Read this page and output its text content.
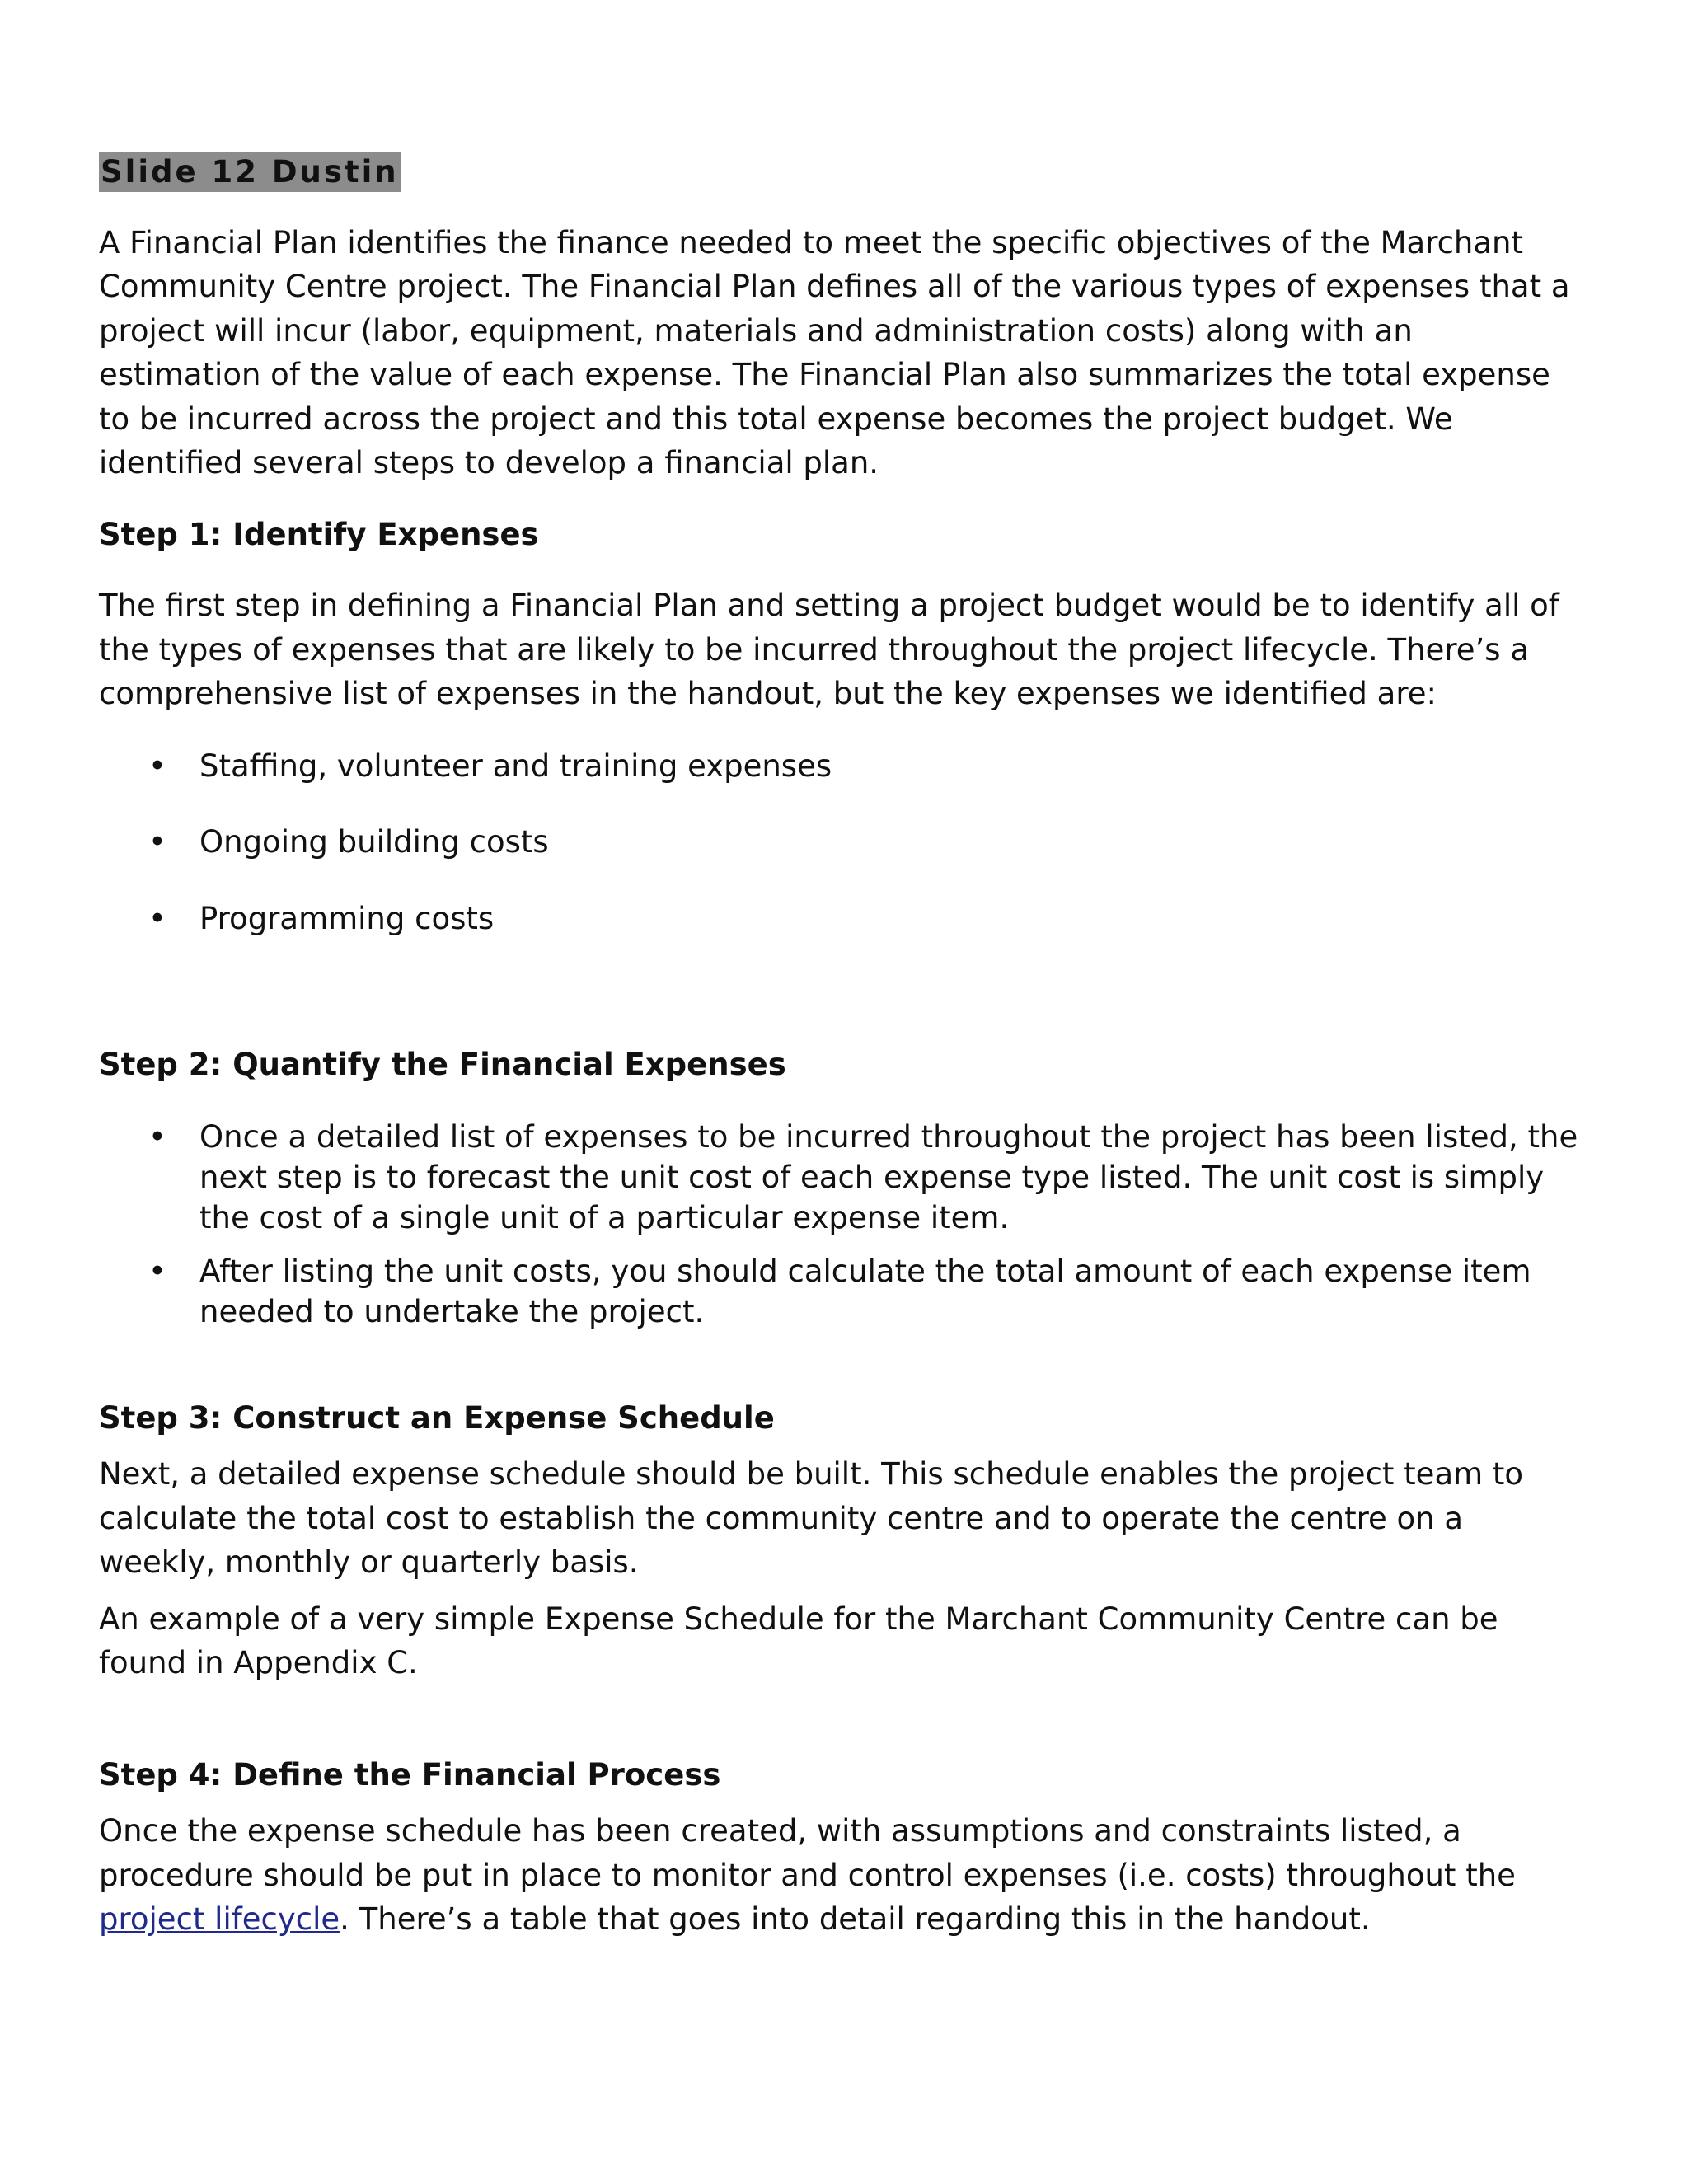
Slide 12 Dustin

A Financial Plan identifies the finance needed to meet the specific objectives of the Marchant Community Centre project. The Financial Plan defines all of the various types of expenses that a project will incur (labor, equipment, materials and administration costs) along with an estimation of the value of each expense. The Financial Plan also summarizes the total expense to be incurred across the project and this total expense becomes the project budget. We identified several steps to develop a financial plan.

Step 1: Identify Expenses

The first step in defining a Financial Plan and setting a project budget would be to identify all of the types of expenses that are likely to be incurred throughout the project lifecycle. There’s a comprehensive list of expenses in the handout, but the key expenses we identified are:

• Staffing, volunteer and training expenses
• Ongoing building costs
• Programming costs

Step 2: Quantify the Financial Expenses

• Once a detailed list of expenses to be incurred throughout the project has been listed, the next step is to forecast the unit cost of each expense type listed. The unit cost is simply the cost of a single unit of a particular expense item.
• After listing the unit costs, you should calculate the total amount of each expense item needed to undertake the project.

Step 3: Construct an Expense Schedule

Next, a detailed expense schedule should be built. This schedule enables the project team to calculate the total cost to establish the community centre and to operate the centre on a weekly, monthly or quarterly basis.

An example of a very simple Expense Schedule for the Marchant Community Centre can be found in Appendix C.

Step 4: Define the Financial Process

Once the expense schedule has been created, with assumptions and constraints listed, a procedure should be put in place to monitor and control expenses (i.e. costs) throughout the project lifecycle. There’s a table that goes into detail regarding this in the handout.
